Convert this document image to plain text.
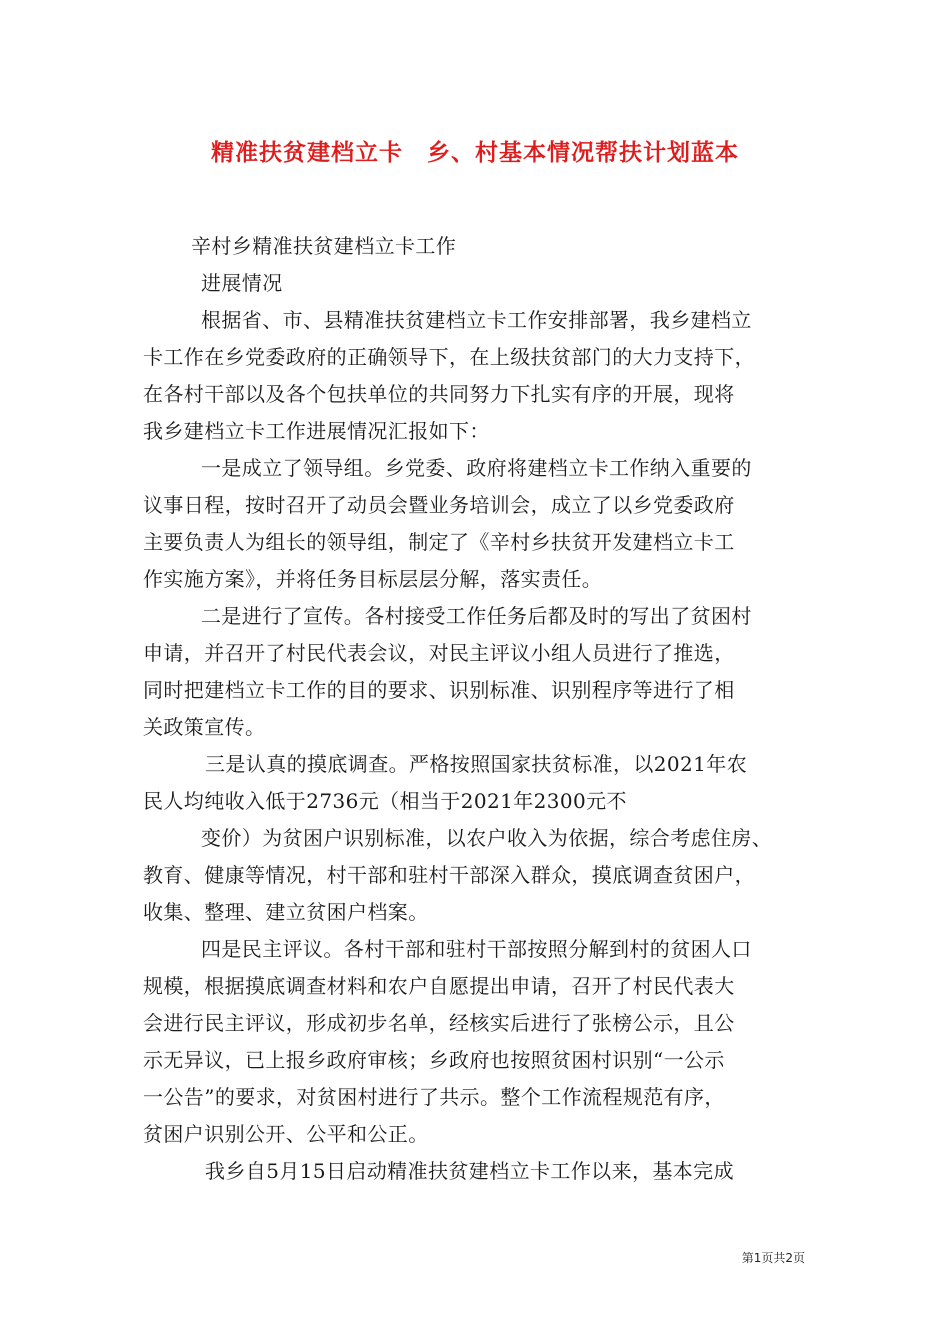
精准扶贫建档立卡　乡、村基本情况帮扶计划蓝本
辛村乡精准扶贫建档立卡工作
进展情况
根据省、市、县精准扶贫建档立卡工作安排部署，我乡建档立
卡工作在乡党委政府的正确领导下，在上级扶贫部门的大力支持下，
在各村干部以及各个包扶单位的共同努力下扎实有序的开展，现将
我乡建档立卡工作进展情况汇报如下：
一是成立了领导组。乡党委、政府将建档立卡工作纳入重要的
议事日程，按时召开了动员会暨业务培训会，成立了以乡党委政府
主要负责人为组长的领导组，制定了《辛村乡扶贫开发建档立卡工
作实施方案》，并将任务目标层层分解，落实责任。
二是进行了宣传。各村接受工作任务后都及时的写出了贫困村
申请，并召开了村民代表会议，对民主评议小组人员进行了推选，
同时把建档立卡工作的目的要求、识别标准、识别程序等进行了相
关政策宣传。
三是认真的摸底调查。严格按照国家扶贫标准，以2021年农
民人均纯收入低于2736元（相当于2021年2300元不
变价）为贫困户识别标准，以农户收入为依据，综合考虑住房、
教育、健康等情况，村干部和驻村干部深入群众，摸底调查贫困户，
收集、整理、建立贫困户档案。
四是民主评议。各村干部和驻村干部按照分解到村的贫困人口
规模，根据摸底调查材料和农户自愿提出申请，召开了村民代表大
会进行民主评议，形成初步名单，经核实后进行了张榜公示，且公
示无异议，已上报乡政府审核；乡政府也按照贫困村识别“一公示
一公告”的要求，对贫困村进行了共示。整个工作流程规范有序，
贫困户识别公开、公平和公正。
我乡自5月15日启动精准扶贫建档立卡工作以来，基本完成
第1页共2页
